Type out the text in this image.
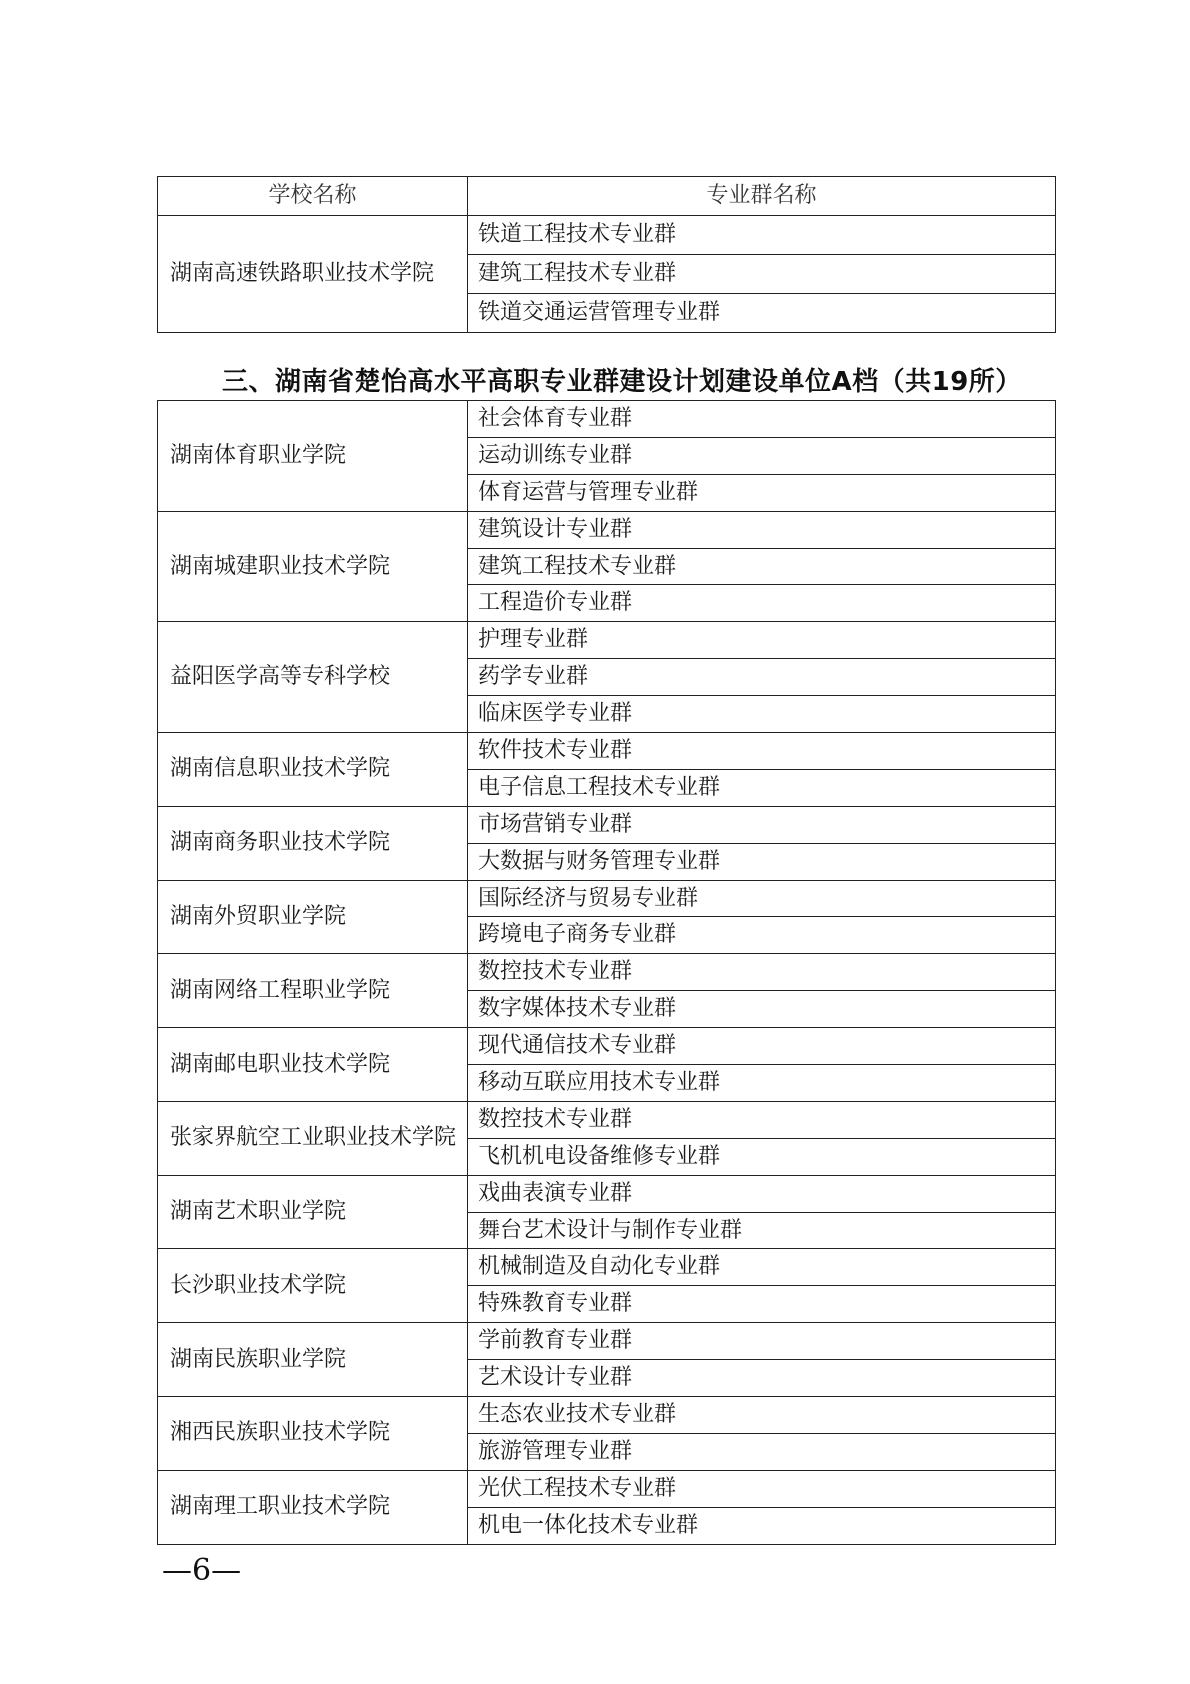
学校名称	专业群名称
湖南高速铁路职业技术学院	铁道工程技术专业群
	建筑工程技术专业群
	铁道交通运营管理专业群
三、湖南省楚怡高水平高职专业群建设计划建设单位A档（共19所）
湖南体育职业学院	社会体育专业群
	运动训练专业群
	体育运营与管理专业群
湖南城建职业技术学院	建筑设计专业群
	建筑工程技术专业群
	工程造价专业群
益阳医学高等专科学校	护理专业群
	药学专业群
	临床医学专业群
湖南信息职业技术学院	软件技术专业群
	电子信息工程技术专业群
湖南商务职业技术学院	市场营销专业群
	大数据与财务管理专业群
湖南外贸职业学院	国际经济与贸易专业群
	跨境电子商务专业群
湖南网络工程职业学院	数控技术专业群
	数字媒体技术专业群
湖南邮电职业技术学院	现代通信技术专业群
	移动互联应用技术专业群
张家界航空工业职业技术学院	数控技术专业群
	飞机机电设备维修专业群
湖南艺术职业学院	戏曲表演专业群
	舞台艺术设计与制作专业群
长沙职业技术学院	机械制造及自动化专业群
	特殊教育专业群
湖南民族职业学院	学前教育专业群
	艺术设计专业群
湘西民族职业技术学院	生态农业技术专业群
	旅游管理专业群
湖南理工职业技术学院	光伏工程技术专业群
	机电一体化技术专业群
—6—
